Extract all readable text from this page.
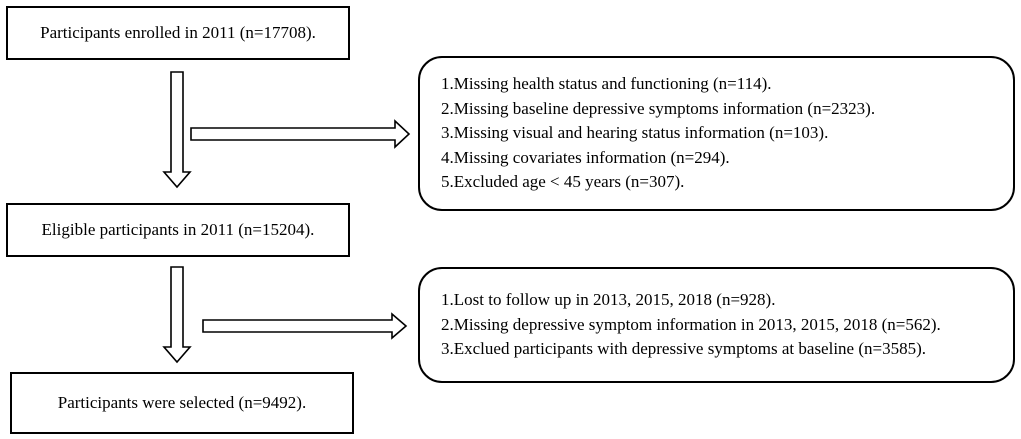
Participants enrolled in 2011 (n=17708).
Eligible participants in 2011 (n=15204).
Participants were selected (n=9492).
1.Missing health status and functioning (n=114).
2.Missing baseline depressive symptoms information (n=2323).
3.Missing visual and hearing status information (n=103).
4.Missing covariates information (n=294).
5.Excluded age < 45 years (n=307).
1.Lost to follow up in 2013, 2015, 2018 (n=928).
2.Missing depressive symptom information in 2013, 2015, 2018 (n=562).
3.Exclued participants with depressive symptoms at baseline (n=3585).
